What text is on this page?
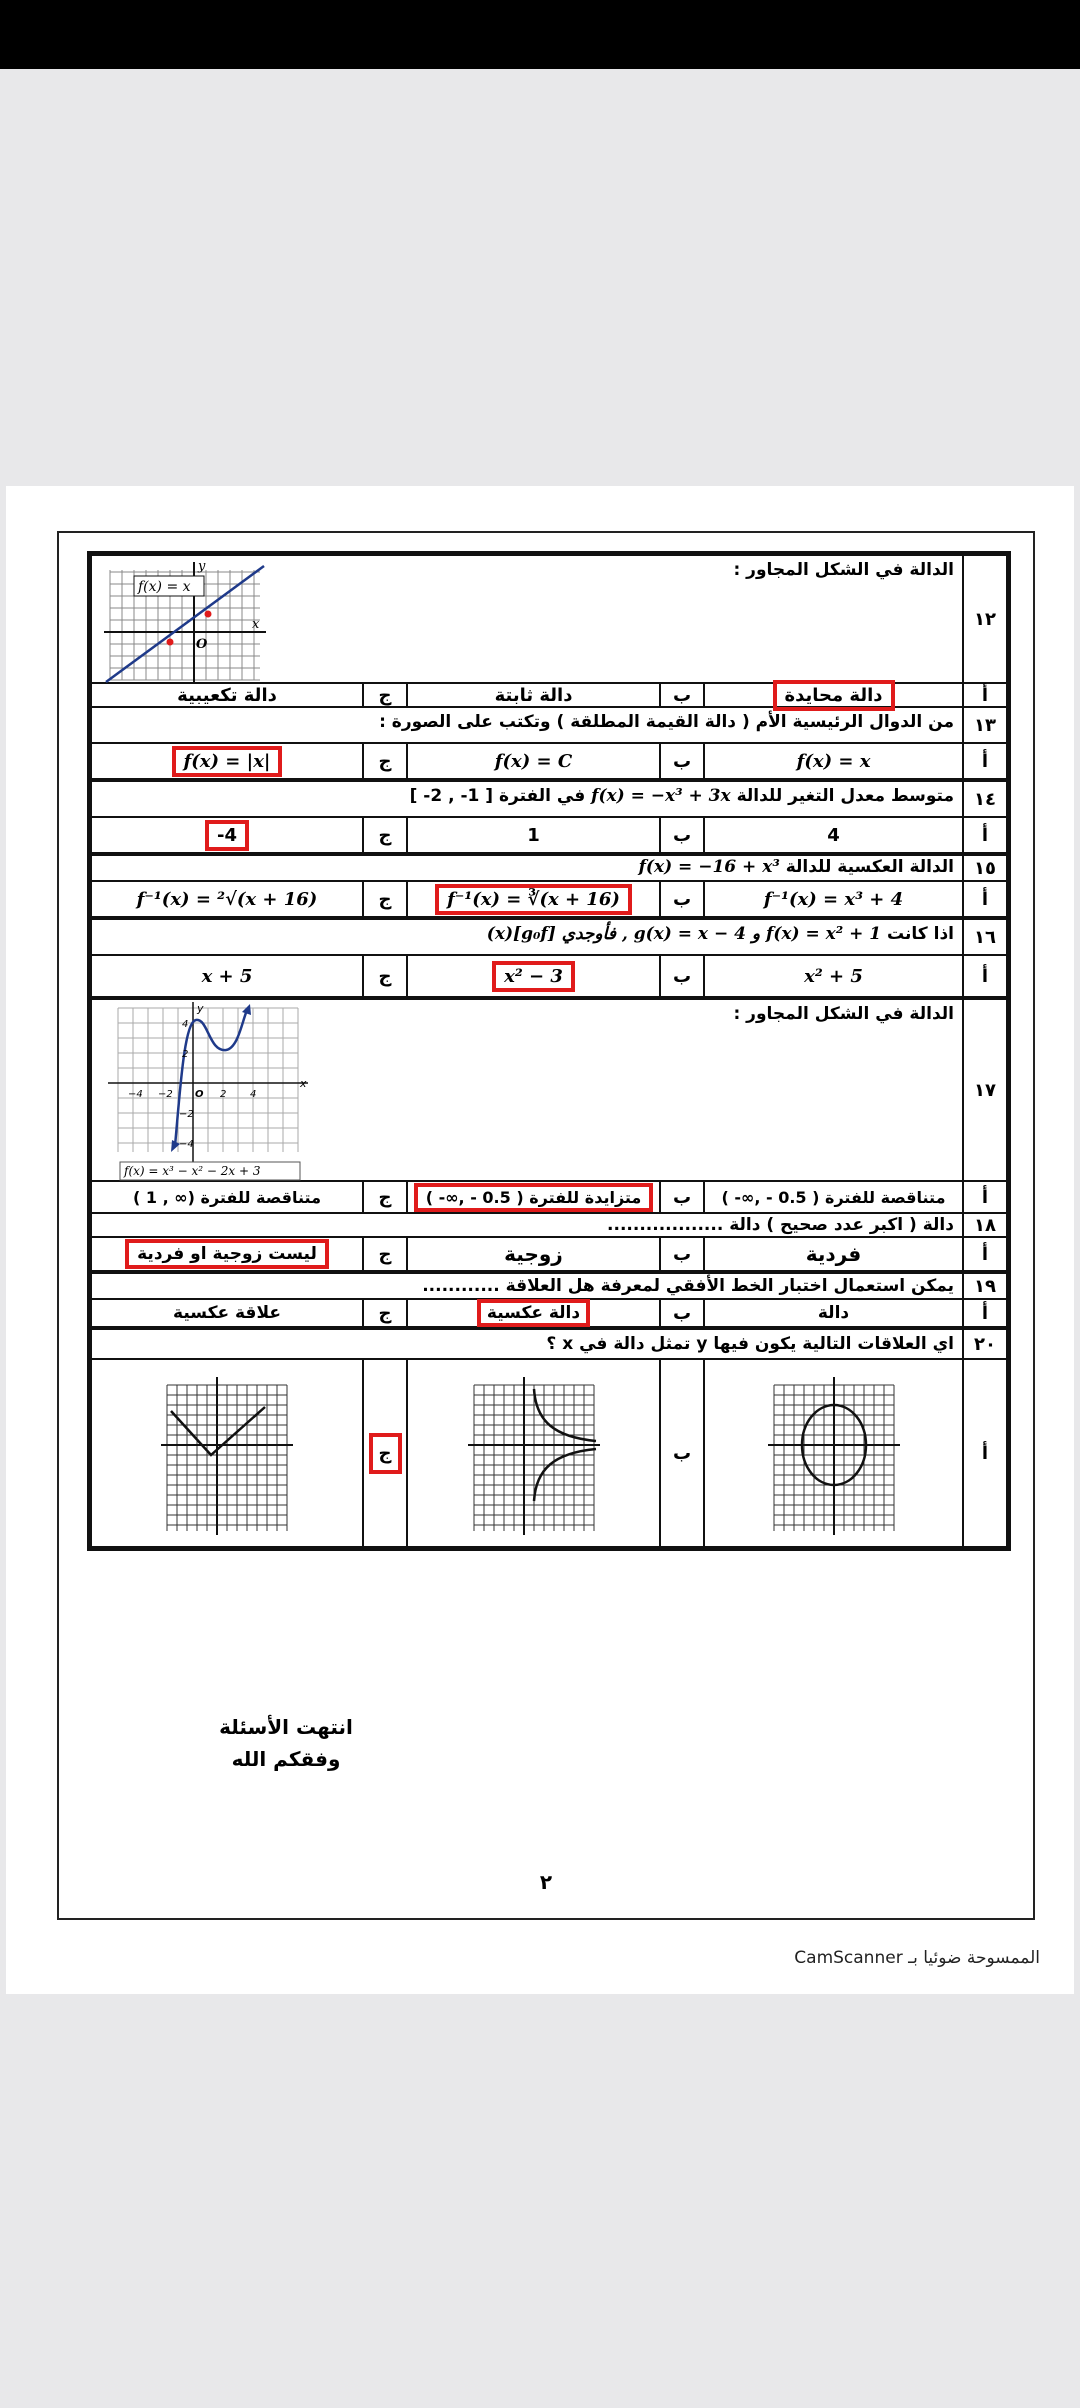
١٢
الدالة في الشكل المجاور :
f(x) = x
O
x
y
أ
دالة محايدة
ب
دالة ثابتة
ج
دالة تكعيبية
١٣
من الدوال الرئيسية الأم ( دالة القيمة المطلقة ) وتكتب على الصورة :
أ
f(x) = x
ب
f(x) = C
ج
f(x) = |x|
١٤
متوسط معدل التغير للدالة f(x) = −x³ + 3x في الفترة [ 1- , 2- ]
أ
4
ب
1
ج
-4
١٥
الدالة العكسية للدالة f(x) = −16 + x³
أ
f⁻¹(x) = x³ + 4
ب
f⁻¹(x) = ∛(x + 16)
ج
f⁻¹(x) = ²√(x + 16)
١٦
اذا كانت f(x) = x² + 1 و g(x) = x − 4 , فأوجدي [g₀f](x)
أ
x² + 5
ب
x² − 3
ج
x + 5
١٧
الدالة في الشكل المجاور :
−4 −2 O 2 4
4
2
−2
−4
x
y
f(x) = x³ − x² − 2x + 3
أ
متناقصة للفترة ( 0.5 - ,∞- )
ب
متزايدة للفترة ( 0.5 - ,∞- )
ج
متناقصة للفترة (∞ , 1 )
١٨
دالة ( اكبر عدد صحيح ) دالة ..................
أ
فردية
ب
زوجية
ج
ليست زوجية او فردية
١٩
يمكن استعمال اختبار الخط الأفقي لمعرفة هل العلاقة ............
أ
دالة
ب
دالة عكسية
ج
علاقة عكسية
٢٠
اي العلاقات التالية يكون فيها y تمثل دالة في x ؟
أ
ب
ج
انتهت الأسئلة
وفقكم الله
٢
الممسوحة ضوئيا بـ CamScanner
